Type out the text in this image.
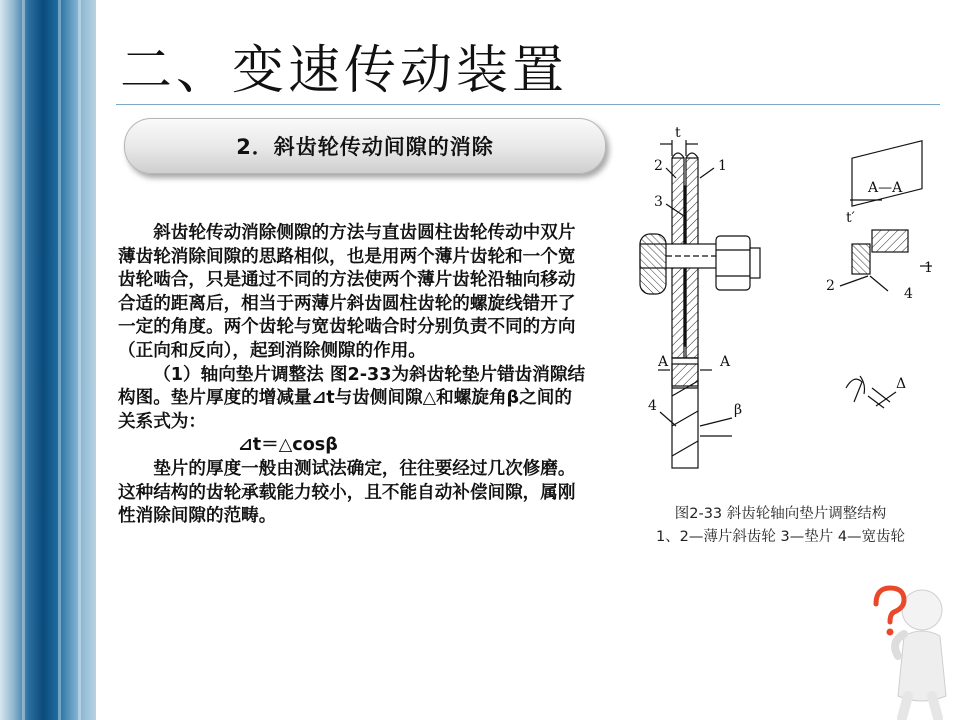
二、变速传动装置
2．斜齿轮传动间隙的消除

斜齿轮传动消除侧隙的方法与直齿圆柱齿轮传动中双片薄齿轮消除间隙的思路相似，也是用两个薄片齿轮和一个宽齿轮啮合，只是通过不同的方法使两个薄片齿轮沿轴向移动合适的距离后，相当于两薄片斜齿圆柱齿轮的螺旋线错开了一定的角度。两个齿轮与宽齿轮啮合时分别负责不同的方向（正向和反向），起到消除侧隙的作用。

（1）轴向垫片调整法 图2-33为斜齿轮垫片错齿消隙结构图。垫片厚度的增减量⊿t与齿侧间隙△和螺旋角β之间的关系式为：

⊿t＝△cosβ

垫片的厚度一般由测试法确定，往往要经过几次修磨。这种结构的齿轮承载能力较小，且不能自动补偿间隙，属刚性消除间隙的范畴。

t
2	1
3
A	A
4	β
A—A
t′
1
2	4
Δ
图2-33 斜齿轮轴向垫片调整结构
1、2—薄片斜齿轮 3—垫片 4—宽齿轮
